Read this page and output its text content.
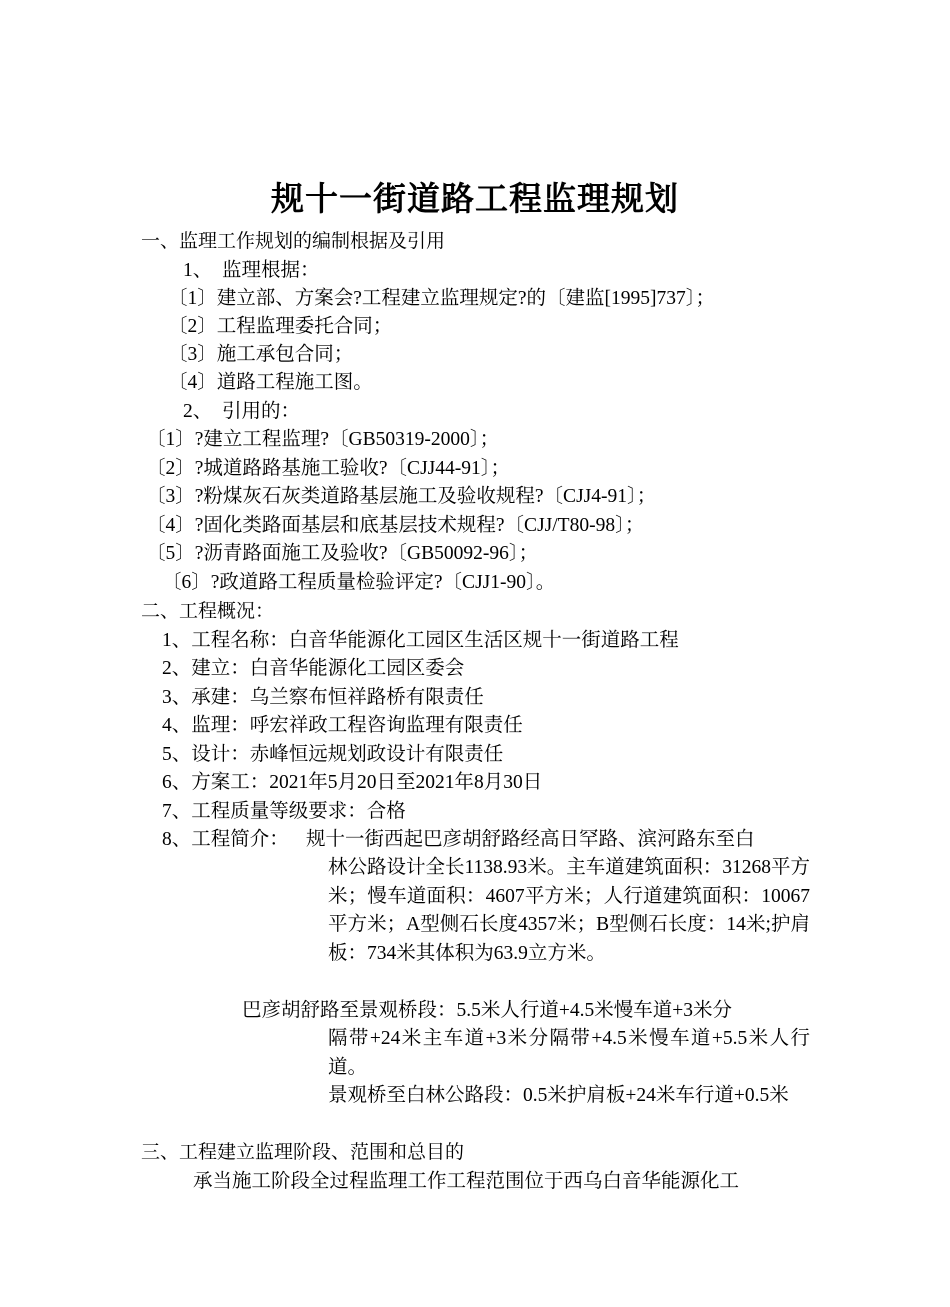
规十一街道路工程监理规划
一、监理工作规划的编制根据及引用
1、　监理根据：
〔1〕建立部、方案会?工程建立监理规定?的〔建监[1995]737〕；
〔2〕工程监理委托合同；
〔3〕施工承包合同；
〔4〕道路工程施工图。
2、　引用的：
〔1〕?建立工程监理?〔GB50319-2000〕；
〔2〕?城道路路基施工验收?〔CJJ44-91〕；
〔3〕?粉煤灰石灰类道路基层施工及验收规程?〔CJJ4-91〕；
〔4〕?固化类路面基层和底基层技术规程?〔CJJ/T80-98〕；
〔5〕?沥青路面施工及验收?〔GB50092-96〕；
〔6〕?政道路工程质量检验评定?〔CJJ1-90〕。
二、工程概况：
1、工程名称：白音华能源化工园区生活区规十一街道路工程
2、建立：白音华能源化工园区委会
3、承建：乌兰察布恒祥路桥有限责任
4、监理：呼宏祥政工程咨询监理有限责任
5、设计：赤峰恒远规划政设计有限责任
6、方案工：2021年5月20日至2021年8月30日
7、工程质量等级要求：合格
8、工程简介： 规十一街西起巴彦胡舒路经高日罕路、滨河路东至白
林公路设计全长1138.93米。主车道建筑面积：31268平方米；慢车道面积：4607平方米；人行道建筑面积：10067平方米；A型侧石长度4357米；B型侧石长度：14米;护肩板：734米其体积为63.9立方米。
巴彦胡舒路至景观桥段：5.5米人行道+4.5米慢车道+3米分
隔带+24米主车道+3米分隔带+4.5米慢车道+5.5米人行道。
景观桥至白林公路段：0.5米护肩板+24米车行道+0.5米
三、工程建立监理阶段、范围和总目的
承当施工阶段全过程监理工作工程范围位于西乌白音华能源化工
